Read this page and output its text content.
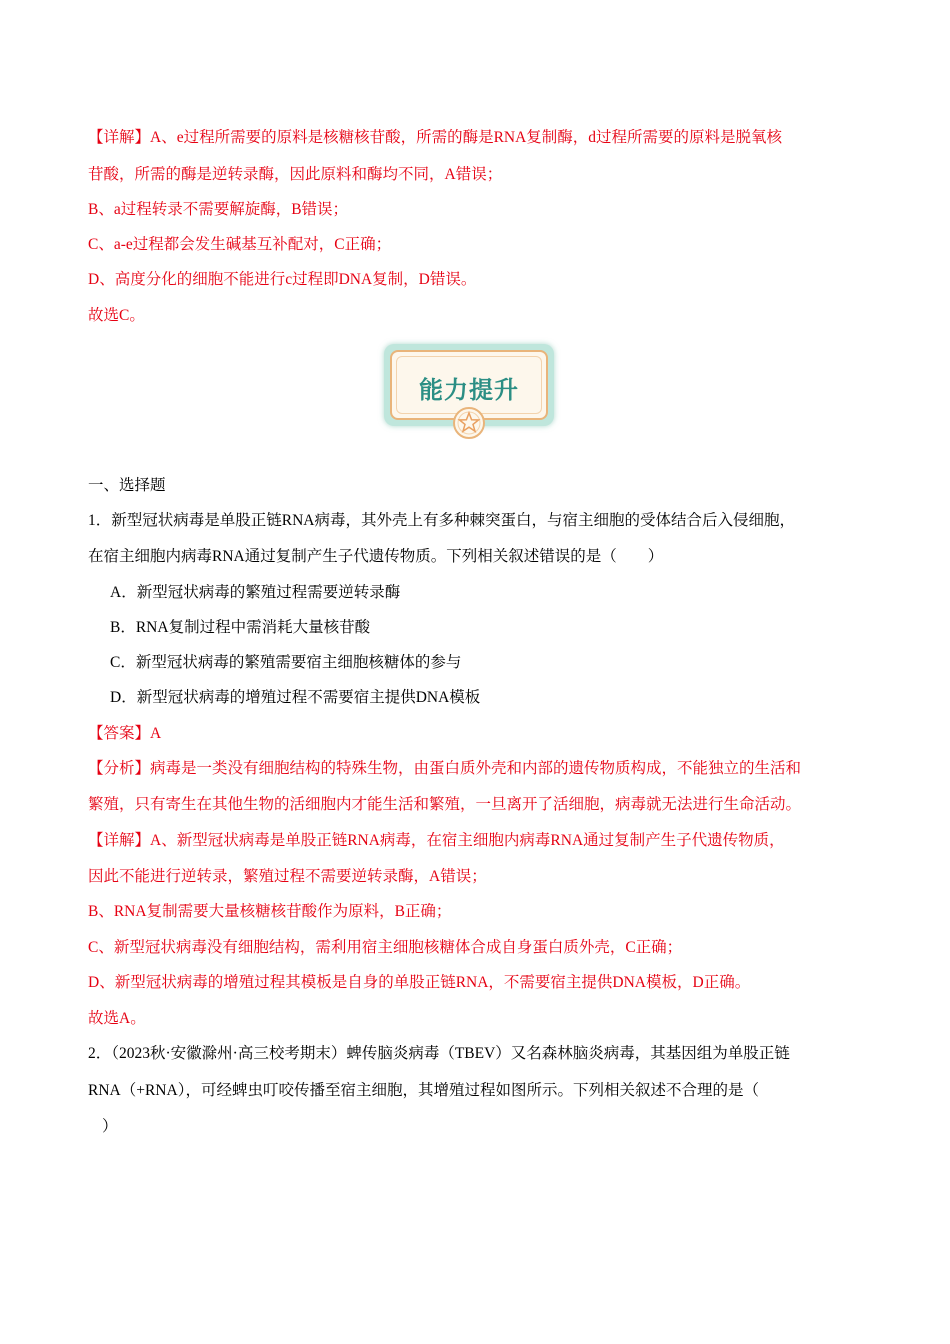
【详解】A、e过程所需要的原料是核糖核苷酸，所需的酶是RNA复制酶，d过程所需要的原料是脱氧核
苷酸，所需的酶是逆转录酶，因此原料和酶均不同，A错误；
B、a过程转录不需要解旋酶，B错误；
C、a-e过程都会发生碱基互补配对，C正确；
D、高度分化的细胞不能进行c过程即DNA复制，D错误。
故选C。
能力提升
一、选择题
1．新型冠状病毒是单股正链RNA病毒，其外壳上有多种棘突蛋白，与宿主细胞的受体结合后入侵细胞，
在宿主细胞内病毒RNA通过复制产生子代遗传物质。下列相关叙述错误的是（　　）
A．新型冠状病毒的繁殖过程需要逆转录酶
B．RNA复制过程中需消耗大量核苷酸
C．新型冠状病毒的繁殖需要宿主细胞核糖体的参与
D．新型冠状病毒的增殖过程不需要宿主提供DNA模板
【答案】A
【分析】病毒是一类没有细胞结构的特殊生物，由蛋白质外壳和内部的遗传物质构成，不能独立的生活和
繁殖，只有寄生在其他生物的活细胞内才能生活和繁殖，一旦离开了活细胞，病毒就无法进行生命活动。
【详解】A、新型冠状病毒是单股正链RNA病毒，在宿主细胞内病毒RNA通过复制产生子代遗传物质，
因此不能进行逆转录，繁殖过程不需要逆转录酶，A错误；
B、RNA复制需要大量核糖核苷酸作为原料，B正确；
C、新型冠状病毒没有细胞结构，需利用宿主细胞核糖体合成自身蛋白质外壳，C正确；
D、新型冠状病毒的增殖过程其模板是自身的单股正链RNA，不需要宿主提供DNA模板，D正确。
故选A。
2．（2023秋·安徽滁州·高三校考期末）蜱传脑炎病毒（TBEV）又名森林脑炎病毒，其基因组为单股正链
RNA（+RNA），可经蜱虫叮咬传播至宿主细胞，其增殖过程如图所示。下列相关叙述不合理的是（
）
